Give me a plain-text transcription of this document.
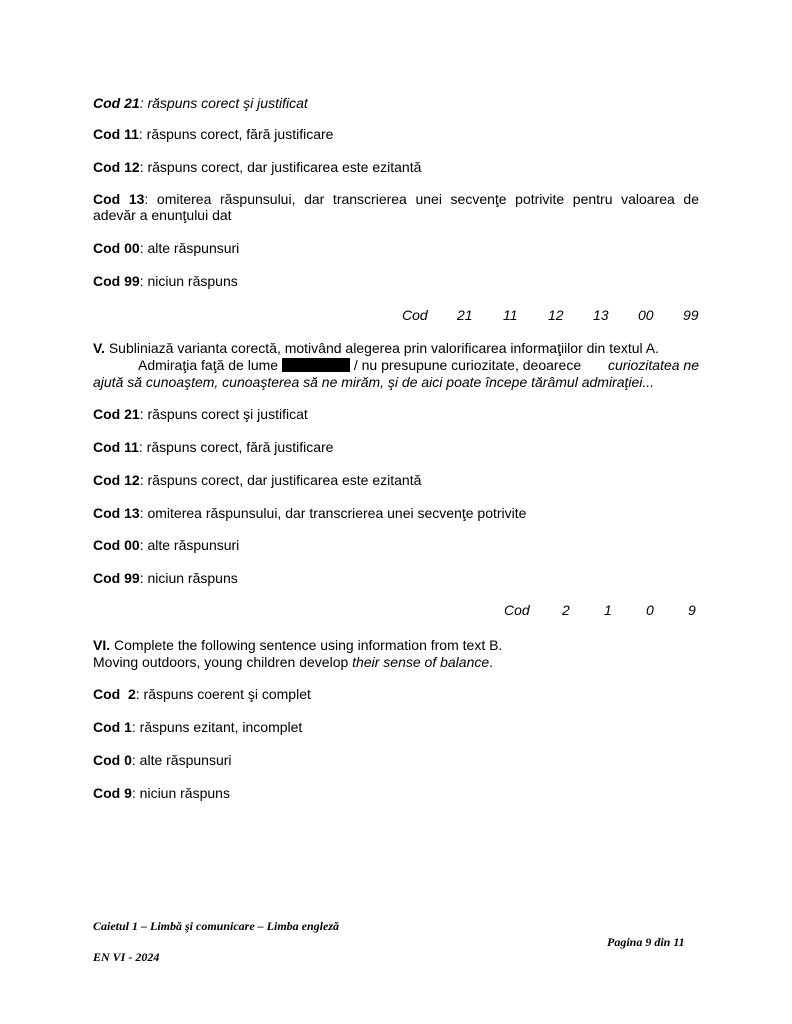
Cod 21: răspuns corect şi justificat
Cod 11: răspuns corect, fără justificare
Cod 12: răspuns corect, dar justificarea este ezitantă
Cod 13: omiterea răspunsului, dar transcrierea unei secvenţe potrivite pentru valoarea de
adevăr a enunţului dat
Cod 00: alte răspunsuri
Cod 99: niciun răspuns
Cod 21 11 12 13 00 99
V. Subliniază varianta corectă, motivând alegerea prin valorificarea informaţiilor din textul A.
Admiraţia faţă de lume	/ nu presupune curiozitate, deoarece curiozitatea ne
ajută să cunoaştem, cunoaşterea să ne mirăm, şi de aici poate începe tărâmul admiraţiei...
Cod 21: răspuns corect şi justificat
Cod 11: răspuns corect, fără justificare
Cod 12: răspuns corect, dar justificarea este ezitantă
Cod 13: omiterea răspunsului, dar transcrierea unei secvenţe potrivite
Cod 00: alte răspunsuri
Cod 99: niciun răspuns
Cod 2 1 0 9
VI. Complete the following sentence using information from text B.
Moving outdoors, young children develop their sense of balance.
Cod  2: răspuns coerent şi complet
Cod 1: răspuns ezitant, incomplet
Cod 0: alte răspunsuri
Cod 9: niciun răspuns
Caietul 1 – Limbă şi comunicare – Limba engleză
Pagina 9 din 11
EN VI - 2024
